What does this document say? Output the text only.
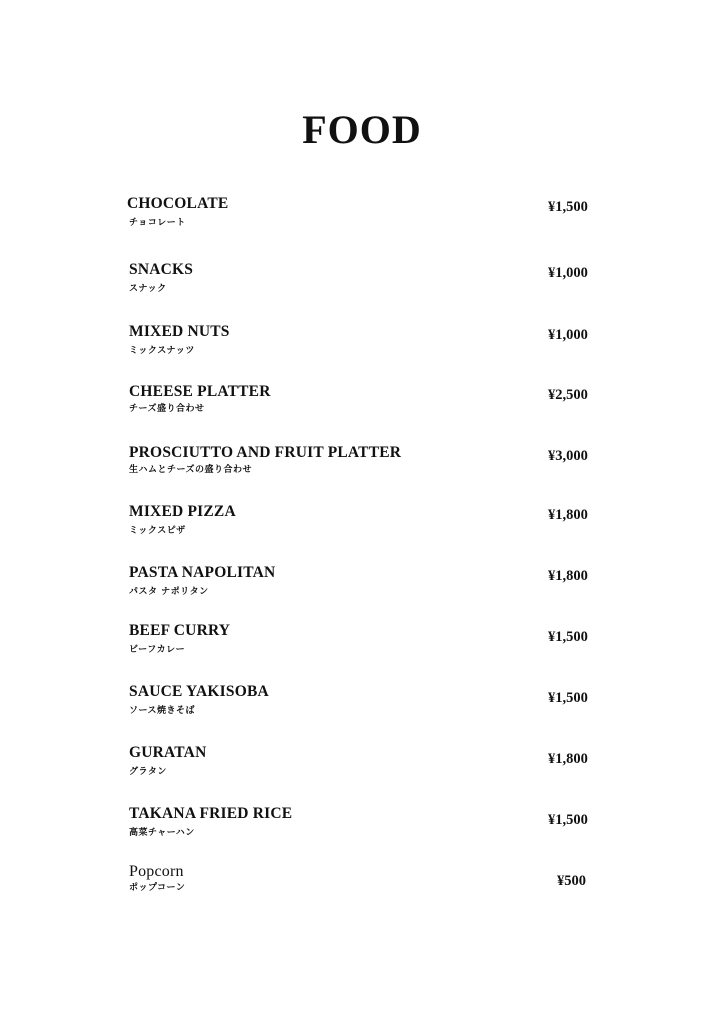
FOOD
CHOCOLATE
チョコレート
¥1,500
SNACKS
スナック
¥1,000
MIXED NUTS
ミックスナッツ
¥1,000
CHEESE PLATTER
チーズ盛り合わせ
¥2,500
PROSCIUTTO AND FRUIT PLATTER
生ハムとチーズの盛り合わせ
¥3,000
MIXED PIZZA
ミックスピザ
¥1,800
PASTA NAPOLITAN
パスタ ナポリタン
¥1,800
BEEF CURRY
ビーフカレー
¥1,500
SAUCE YAKISOBA
ソース焼きそば
¥1,500
GURATAN
グラタン
¥1,800
TAKANA FRIED RICE
高菜チャーハン
¥1,500
Popcorn
ポップコーン	¥500
